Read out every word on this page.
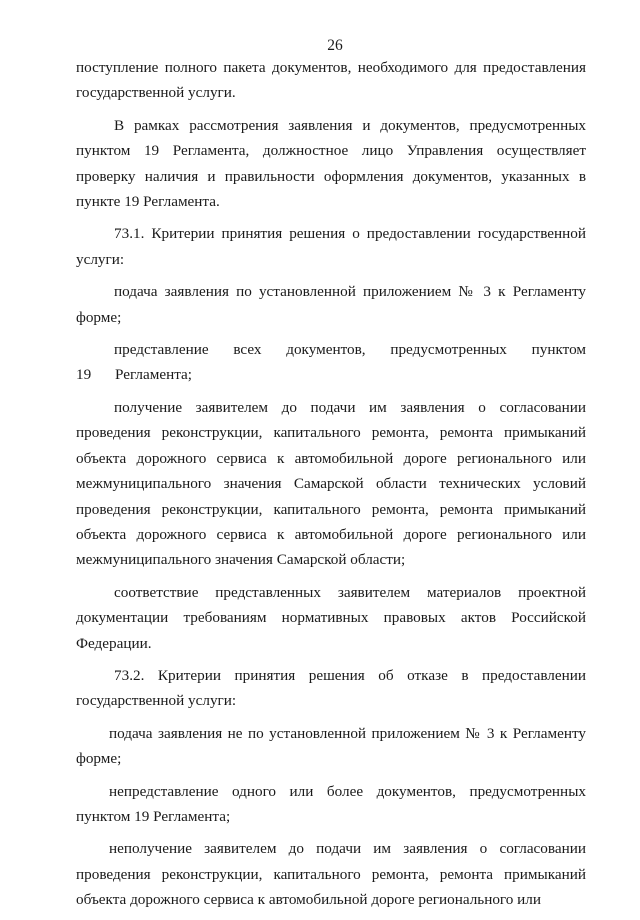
26

поступление полного пакета документов, необходимого для предоставления государственной услуги.

В рамках рассмотрения заявления и документов, предусмотренных пунктом 19 Регламента, должностное лицо Управления осуществляет проверку наличия и правильности оформления документов, указанных в пункте 19 Регламента.

73.1. Критерии принятия решения о предоставлении государственной услуги:

подача заявления по установленной приложением № 3 к Регламенту форме;

представление всех документов, предусмотренных пунктом 19 Регламента;

получение заявителем до подачи им заявления о согласовании проведения реконструкции, капитального ремонта, ремонта примыканий объекта дорожного сервиса к автомобильной дороге регионального или межмуниципального значения Самарской области технических условий проведения реконструкции, капитального ремонта, ремонта примыканий объекта дорожного сервиса к автомобильной дороге регионального или межмуниципального значения Самарской области;

соответствие представленных заявителем материалов проектной документации требованиям нормативных правовых актов Российской Федерации.

73.2. Критерии принятия решения об отказе в предоставлении государственной услуги:

подача заявления не по установленной приложением № 3 к Регламенту форме;

непредставление одного или более документов, предусмотренных пунктом 19 Регламента;

неполучение заявителем до подачи им заявления о согласовании проведения реконструкции, капитального ремонта, ремонта примыканий объекта дорожного сервиса к автомобильной дороге регионального или
